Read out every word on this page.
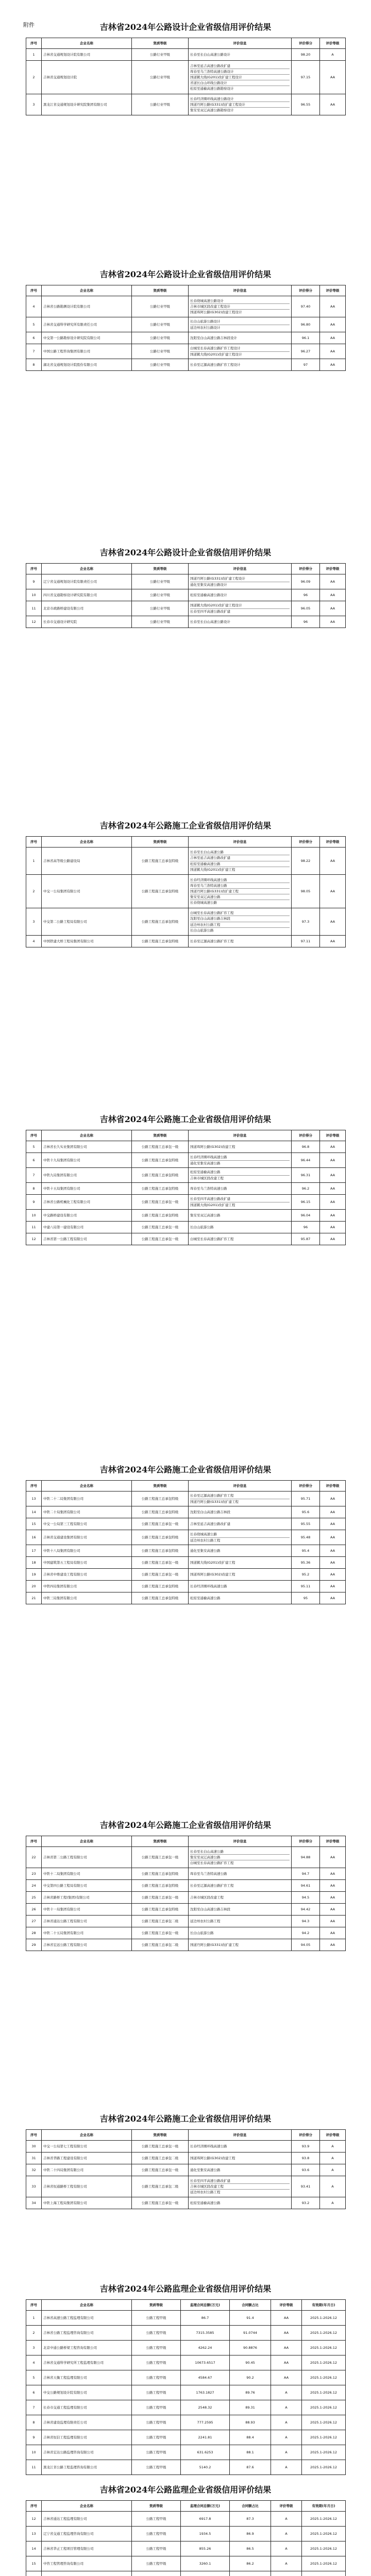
附件	吉林省2024年公路设计企业省级信用评价结果
序号	企业名称	资质等级	评价信息	评价得分	评价等级
1	吉林省交通规划设计院有限公司	公路行业甲级	长春至长白山高速公路设计	98.20	A
2	吉林省交通规划设计院	公路行业甲级	吉林至延吉高速公路改扩建
珲春至乌兰浩特高速公路设计
国道鹤大线(G201)改扩建工程设计
省道长白山环线公路设计
松原至通榆高速公路勘察设计	97.15	AA
3	黑龙江省交通规划设计研究院集团有限公司	公路行业甲级	长春经济圈环线高速公路设计
国道丹阿公路(G331)改扩建工程设计
集安至双辽高速公路勘察设计	96.55	AA
吉林省2024年公路设计企业省级信用评价结果
序号	企业名称	资质等级	评价信息	评价得分	评价等级
4	吉林省公路勘测设计院有限公司	公路行业甲级	长春绕城高速公路设计
吉林市城区段改建工程设计
国道珲阿公路(G302)改建工程设计	97.40	AA
5	吉林省交通科学研究所有限责任公司	公路行业甲级	长白山旅游公路设计
延边州农村公路设计	96.80	AA
6	中交第一公路勘察设计研究院有限公司	公路行业甲级	沈阳至白山高速公路吉林段设计	96.1	AA
7	中国公路工程咨询集团有限公司	公路行业甲级	白城至长春高速公路扩容工程设计
国道鹤大线(G201)改扩建工程设计	96.27	AA
8	湖北省交通规划设计院股份有限公司	公路行业甲级	长春至辽源高速公路扩容工程设计	97	AA
吉林省2024年公路设计企业省级信用评价结果
序号	企业名称	资质等级	评价信息	评价得分	评价等级
9	辽宁省交通规划设计院有限责任公司	公路行业甲级	国道丹阿公路(G331)改扩建工程设计
通化至集安高速公路设计	96.09	AA
10	四川省交通勘察设计研究院有限公司	公路行业甲级	松原至通榆高速公路设计	96	AA
11	北京市政路桥建设有限公司	公路行业甲级	国道鹤大线(G201)改扩建工程设计
长春至四平高速公路改扩建	96.05	AA
12	长春市交通设计研究院	公路行业甲级	长春至长白山高速公路设计	96	AA
吉林省2024年公路施工企业省级信用评价结果
序号	企业名称	资质等级	评价信息	评价得分	评价等级
1	吉林省高等级公路建设局	公路工程施工总承包特级	长春至长白山高速公路
吉林至延吉高速公路改扩建
松原至通榆高速公路
国道鹤大线(G201)改扩建工程	98.22	AA
2	中交一公局集团有限公司	公路工程施工总承包特级	长春经济圈环线高速公路
珲春至乌兰浩特高速公路
国道丹阿公路(G331)改扩建工程
集安至双辽高速公路
长春绕城高速公路	98.05	AA
3	中交第二公路工程局有限公司	公路工程施工总承包特级	白城至长春高速公路扩容工程
沈阳至白山高速公路吉林段
延边州农村公路工程
长白山旅游公路	97.3	AA
4	中国铁建大桥工程局集团有限公司	公路工程施工总承包特级	长春至辽源高速公路扩容工程	97.11	AA
吉林省2024年公路施工企业省级信用评价结果
序号	企业名称	资质等级	评价信息	评价得分	评价等级
5	吉林省长久实业集团有限公司	公路工程施工总承包一级	国道珲阿公路(G302)改建工程	96.8	AA
6	中铁十九局集团有限公司	公路工程施工总承包特级	长春经济圈环线高速公路
通化至集安高速公路	96.44	AA
7	中铁九局集团有限公司	公路工程施工总承包特级	松原至通榆高速公路
吉林市城区段改建工程	96.31	AA
8	中铁十五局集团有限公司	公路工程施工总承包特级	珲春至乌兰浩特高速公路	96.2	AA
9	吉林省公路机械化工程有限公司	公路工程施工总承包一级	长春至四平高速公路改扩建
国道鹤大线(G201)改扩建工程	96.15	AA
10	中交路桥建设有限公司	公路工程施工总承包特级	集安至双辽高速公路	96.04	AA
11	中建八局第一建设有限公司	公路工程施工总承包一级	长白山旅游公路	96	AA
12	吉林省第一公路工程有限公司	公路工程施工总承包一级	白城至长春高速公路扩容工程	95.87	AA
吉林省2024年公路施工企业省级信用评价结果
序号	企业名称	资质等级	评价信息	评价得分	评价等级
13	中铁二十二局集团有限公司	公路工程施工总承包特级	长春至辽源高速公路扩容工程
国道丹阿公路(G331)改扩建工程	95.71	AA
14	中铁二十局集团有限公司	公路工程施工总承包特级	沈阳至白山高速公路吉林段	95.6	AA
15	中交一公局第三工程有限公司	公路工程施工总承包一级	吉林至延吉高速公路改扩建	95.55	AA
16	吉林省交通建设集团有限公司	公路工程施工总承包特级	长春绕城高速公路
延边州农村公路工程	95.48	AA
17	中铁十八局集团有限公司	公路工程施工总承包特级	通化至集安高速公路	95.4	AA
18	中国建筑第五工程局有限公司	公路工程施工总承包一级	国道鹤大线(G201)改扩建工程	95.36	AA
19	吉林省中维建设工程有限公司	公路工程施工总承包一级	国道珲阿公路(G302)改建工程	95.2	AA
20	中铁四局集团有限公司	公路工程施工总承包特级	长春经济圈环线高速公路	95.11	AA
21	中铁三局集团有限公司	公路工程施工总承包特级	松原至通榆高速公路	95	AA
吉林省2024年公路施工企业省级信用评价结果
序号	企业名称	资质等级	评价信息	评价得分	评价等级
22	吉林省第二公路工程有限公司	公路工程施工总承包一级	长春至长白山高速公路
集安至双辽高速公路
白城至长春高速公路扩容工程	94.88	AA
23	中铁十二局集团有限公司	公路工程施工总承包特级	珲春至乌兰浩特高速公路	94.7	AA
24	中交第四公路工程局有限公司	公路工程施工总承包特级	长春至辽源高速公路扩容工程	94.61	AA
25	吉林省路桥工程(集团)有限公司	公路工程施工总承包一级	吉林市城区段改建工程	94.5	AA
26	中铁十一局集团有限公司	公路工程施工总承包特级	沈阳至白山高速公路吉林段	94.42	AA
27	吉林省通达公路工程有限公司	公路工程施工总承包二级	延边州农村公路工程	94.3	AA
28	中铁二十五局集团有限公司	公路工程施工总承包一级	长白山旅游公路	94.2	AA
29	吉林省宏远公路工程有限公司	公路工程施工总承包二级	国道丹阿公路(G331)改扩建工程	94.05	AA
吉林省2024年公路施工企业省级信用评价结果
序号	企业名称	资质等级	评价信息	评价得分	评价等级
30	中交一公局第七工程有限公司	公路工程施工总承包一级	长春经济圈环线高速公路	93.9	A
31	吉林省华路工程建设有限公司	公路工程施工总承包二级	国道珲阿公路(G302)改建工程	93.8	A
32	中铁二十四局集团有限公司	公路工程施工总承包一级	通化至集安高速公路	93.6	A
33	吉林省恒通路桥工程有限公司	公路工程施工总承包二级	长春至四平高速公路改扩建
吉林市城区段改建工程
延边州农村公路工程	93.41	A
34	中铁上海工程局集团有限公司	公路工程施工总承包一级	松原至通榆高速公路	93.2	A
吉林省2024年公路监理企业省级信用评价结果
序号	企业名称	资质等级	监理合同总额(万元)	合同额占比	评价等级	有效期(年月日)
1	吉林省高速公路工程监理有限公司	公路工程甲级	86.7	91.4	AA	2025.1-2026.12
2	吉林省公路工程监理咨询有限公司	公路工程甲级	7315.3585	91.0744	AA	2025.1-2026.12
3	北京中通公路桥梁工程咨询有限公司	公路工程甲级	4262.24	90.8876	AA	2025.1-2026.12
4	吉林省交通科学研究所工程监理有限公司	公路工程甲级	10673.6517	90.45	AA	2025.1-2026.12
5	吉林省天衡工程监理有限公司	公路工程甲级	4584.67	90.2	AA	2025.1-2026.12
6	中交公路规划设计院有限公司	公路工程甲级	1763.1827	89.76	A	2025.1-2026.12
7	长春市交通工程监理有限公司	公路工程甲级	2548.32	89.31	A	2025.1-2026.12
8	吉林省建设监理有限责任公司	公路工程甲级	777.2595	88.93	A	2025.1-2026.12
9	吉林省恒信工程监理有限公司	公路工程甲级	2241.81	88.4	A	2025.1-2026.12
10	吉林省宏达公路监理咨询有限公司	公路工程甲级	631.6253	88.1	A	2025.1-2026.12
11	黑龙江省公路工程监理咨询有限公司	公路工程甲级	5140.2	87.6	A	2025.1-2026.12
吉林省2024年公路监理企业省级信用评价结果
序号	企业名称	资质等级	监理合同总额(万元)	合同额占比	评价等级	有效期(年月日)
12	吉林省通达工程监理有限公司	公路工程甲级	6917.8	87.3	A	2025.1-2026.12
13	辽宁省交通工程监理咨询有限公司	公路工程甲级	1934.5	86.9	A	2025.1-2026.12
14	吉林省华正工程项目管理有限公司	公路工程甲级	855.26	86.5	A	2025.1-2026.12
15	中咨工程管理咨询有限公司	公路工程甲级	3260.1	86.2	A	2025.1-2026.12
